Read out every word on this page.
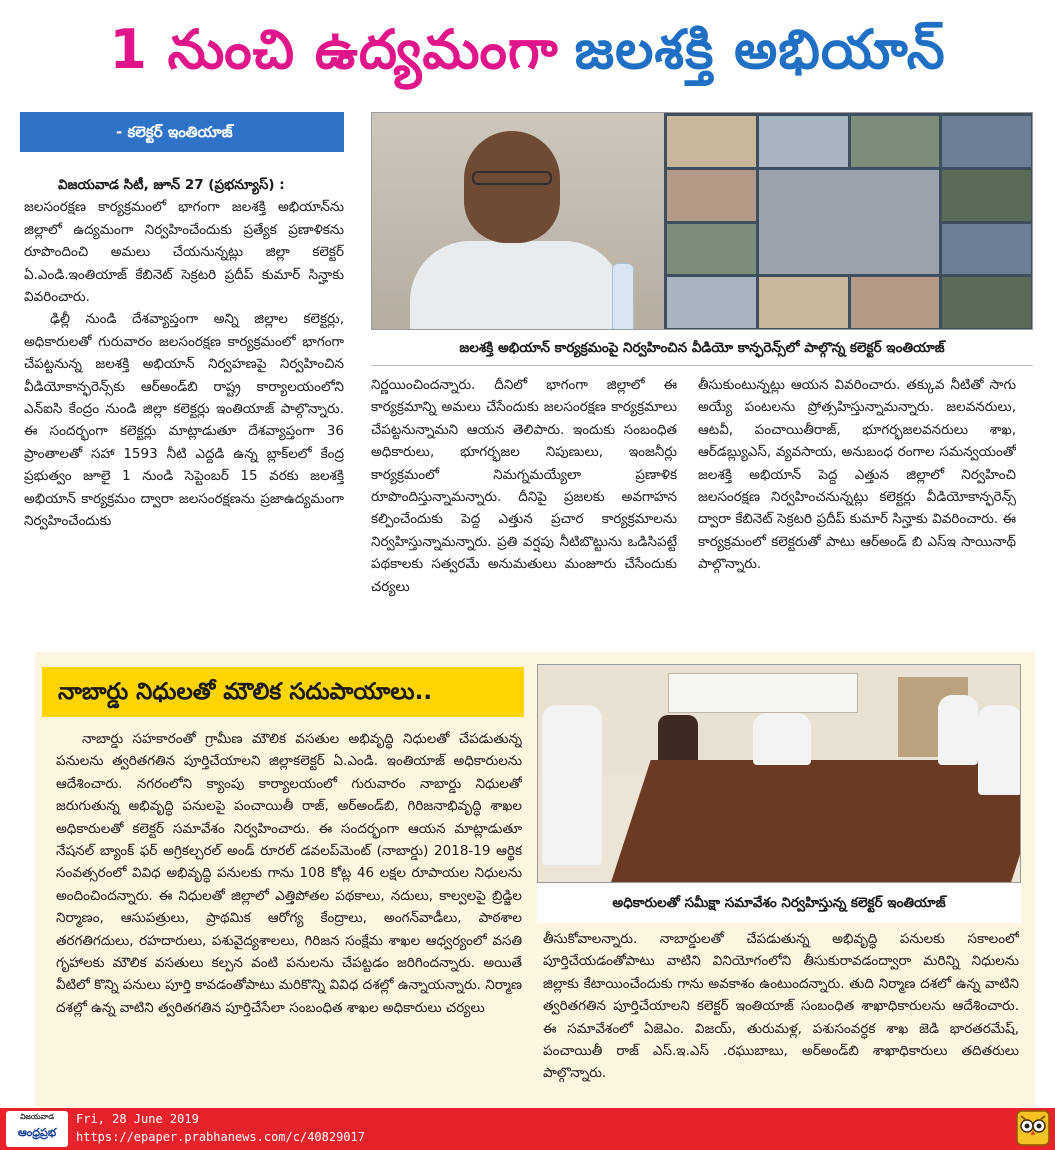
1 నుంచి ఉద్యమంగా జలశక్తి అభియాన్
- కలెక్టర్ ఇంతియాజ్

విజయవాడ సిటీ, జూన్ 27 (ప్రభన్యూస్) :

జలసంరక్షణ కార్యక్రమంలో భాగంగా జలశక్తి అభియాన్‌ను జిల్లాలో ఉద్యమంగా నిర్వహించేందుకు ప్రత్యేక ప్రణాళికను రూపొందించి అమలు చేయనున్నట్లు జిల్లా కలెక్టర్ ఏ.ఎండి.ఇంతియాజ్ కేబినెట్ సెక్రటరి ప్రదీప్ కుమార్ సిన్హాకు వివరించారు.

ఢిల్లీ నుండి దేశవ్యాప్తంగా అన్ని జిల్లాల కలెక్టర్లు, అధికారులతో గురువారం జలసంరక్షణ కార్యక్రమంలో భాగంగా చేపట్టనున్న జలశక్తి అభియాన్ నిర్వహణపై నిర్వహించిన వీడియోకాన్ఫరెన్స్‌కు ఆర్అండ్‌బి రాష్ట్ర కార్యాలయంలోని ఎన్ఐసి కేంద్రం నుండి జిల్లా కలెక్టర్లు ఇంతియాజ్ పాల్గొన్నారు. ఈ సందర్భంగా కలెక్టర్లు మాట్లాడుతూ దేశవ్యాప్తంగా 36 ప్రాంతాలతో సహా 1593 నీటి ఎద్దడి ఉన్న బ్లాక్‌లలో కేంద్ర ప్రభుత్వం జూలై 1 నుండి సెప్టెంబర్ 15 వరకు జలశక్తి అభియాన్ కార్యక్రమం ద్వారా జలసంరక్షణను ప్రజాఉద్యమంగా నిర్వహించేందుకు

జలశక్తి అభియాన్ కార్యక్రమంపై నిర్వహించిన వీడియో కాన్ఫరెన్స్‌లో పాల్గొన్న కలెక్టర్ ఇంతియాజ్
నిర్ణయించిందన్నారు. దీనిలో భాగంగా జిల్లాలో ఈ కార్యక్రమాన్ని అమలు చేసేందుకు జలసంరక్షణ కార్యక్రమాలు చేపట్టనున్నామని ఆయన తెలిపారు. ఇందుకు సంబంధిత అధికారులు, భూగర్భజల నిపుణులు, ఇంజనీర్లు కార్యక్రమంలో నిమగ్నమయ్యేలా ప్రణాళిక రూపొందిస్తున్నామన్నారు. దీనిపై ప్రజలకు అవగాహన కల్పించేందుకు పెద్ద ఎత్తున ప్రచార కార్యక్రమాలను నిర్వహిస్తున్నామన్నారు. ప్రతి వర్షపు నీటిబొట్టును ఒడిసిపట్టే పథకాలకు సత్వరమే అనుమతులు మంజూరు చేసేందుకు చర్యలు
తీసుకుంటున్నట్లు ఆయన వివరించారు. తక్కువ నీటితో సాగు అయ్యే పంటలను ప్రోత్సహిస్తున్నామన్నారు. జలవనరులు, ఆటవీ, పంచాయితీరాజ్, భూగర్భజలవనరులు శాఖ, ఆర్‌డబ్ల్యుఎస్, వ్యవసాయ, అనుబంధ రంగాల సమన్వయంతో జలశక్తి అభియాన్ పెద్ద ఎత్తున జిల్లాలో నిర్వహించి జలసంరక్షణ నిర్వహించనున్నట్లు కలెక్టర్లు వీడియోకాన్ఫరెన్స్ ద్వారా కేబినెట్ సెక్రటరి ప్రదీప్ కుమార్ సిన్హాకు వివరించారు. ఈ కార్యక్రమంలో కలెక్టరుతో పాటు ఆర్అండ్ బి ఎస్ఇ సాయినాథ్ పాల్గొన్నారు.
నాబార్డు నిధులతో మౌలిక సదుపాయాలు..
అధికారులతో సమీక్షా సమావేశం నిర్వహిస్తున్న కలెక్టర్ ఇంతియాజ్
నాబార్డు సహకారంతో గ్రామీణ మౌలిక వసతుల అభివృద్ధి నిధులతో చేపడుతున్న పనులను త్వరితగతిన పూర్తిచేయాలని జిల్లాకలెక్టర్ ఏ.ఎండి. ఇంతియాజ్ అధికారులను ఆదేశించారు. నగరంలోని క్యాంపు కార్యాలయంలో గురువారం నాబార్డు నిధులతో జరుగుతున్న అభివృద్ధి పనులపై పంచాయితీ రాజ్, అర్అండ్‌బి, గిరిజనాభివృద్ధి శాఖల అధికారులతో కలెక్టర్ సమావేశం నిర్వహించారు. ఈ సందర్భంగా ఆయన మాట్లాడుతూ నేషనల్ బ్యాంక్ ఫర్ అగ్రికల్చరల్ అండ్ రూరల్ డవలప్‌మెంట్ (నాబార్డు) 2018-19 ఆర్థిక సంవత్సరంలో వివిధ అభివృద్ధి పనులకు గాను 108 కోట్ల 46 లక్షల రూపాయల నిధులను అందించిందన్నారు. ఈ నిధులతో జిల్లాలో ఎత్తిపోతల పథకాలు, నదులు, కాల్వలపై బ్రిడ్జిల నిర్మాణం, ఆసుపత్రులు, ప్రాథమిక ఆరోగ్య కేంద్రాలు, అంగన్‌వాడీలు, పాఠశాల తరగతిగదులు, రహదారులు, పశువైద్యశాలలు, గిరిజన సంక్షేమ శాఖల ఆధ్వర్యంలో వసతి గృహాలకు మౌలిక వసతులు కల్పన వంటి పనులను చేపట్టడం జరిగిందన్నారు. అయితే వీటిలో కొన్ని పనులు పూర్తి కావడంతోపాటు మరికొన్ని వివిధ దశల్లో ఉన్నాయన్నారు. నిర్మాణ దశల్లో ఉన్న వాటిని త్వరితగతిన పూర్తిచేసేలా సంబంధిత శాఖల అధికారులు చర్యలు
తీసుకోవాలన్నారు. నాబార్డులతో చేపడుతున్న అభివృద్ధి పనులకు సకాలంలో పూర్తిచేయడంతోపాటు వాటిని వినియోగంలోని తీసుకురావడంద్వారా మరిన్ని నిధులను జిల్లాకు కేటాయించేందుకు గాను అవకాశం ఉంటుందన్నారు. తుది నిర్మాణ దశలో ఉన్న వాటిని త్వరితగతిన పూర్తిచేయాలని కలెక్టర్ ఇంతియాజ్ సంబంధిత శాఖాధికారులను ఆదేశించారు. ఈ సమావేశంలో ఏజెఎం. విజయ్, తురుమళ్ల, పశుసంవర్ధక శాఖ జెడి భారతరమేష్, పంచాయితీ రాజ్ ఎస్.ఇ.ఎస్ .రఘుబాబు, అర్అండ్‌బి శాఖాధికారులు తదితరులు పాల్గొన్నారు.
విజయవాడ
ఆంధ్రప్రభ
Fri, 28 June 2019
https://epaper.prabhanews.com/c/40829017
